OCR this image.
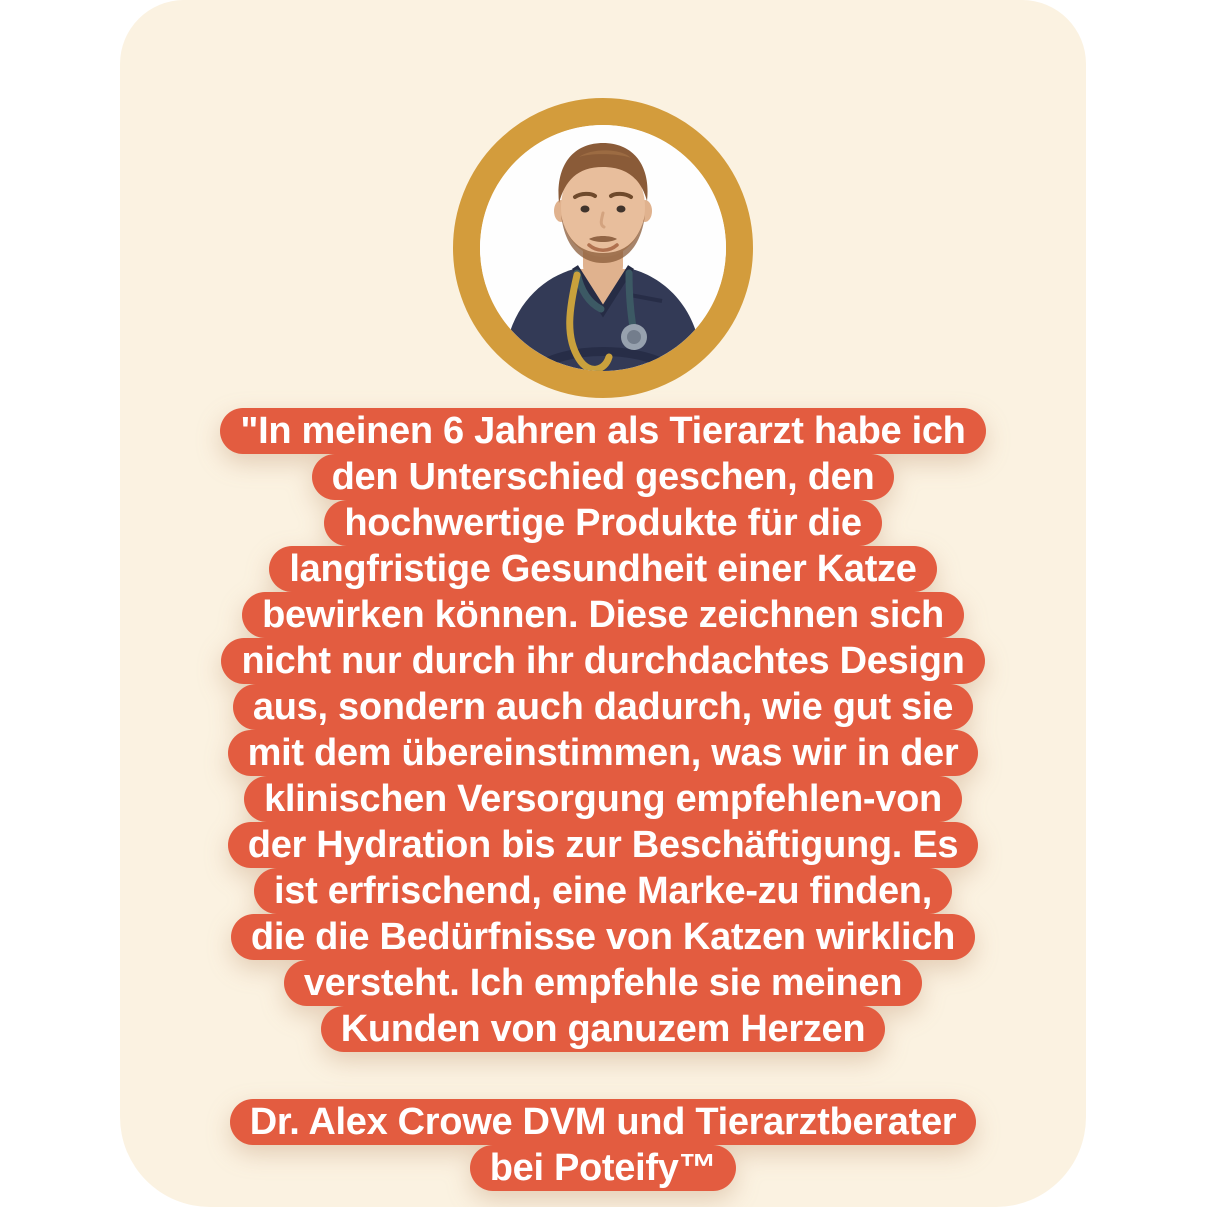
"In meinen 6 Jahren als Tierarzt habe ich
den Unterschied geschen, den
hochwertige Produkte für die
langfristige Gesundheit einer Katze
bewirken können. Diese zeichnen sich
nicht nur durch ihr durchdachtes Design
aus, sondern auch dadurch, wie gut sie
mit dem übereinstimmen, was wir in der
klinischen Versorgung empfehlen-von
der Hydration bis zur Beschäftigung. Es
ist erfrischend, eine Marke-zu finden,
die die Bedürfnisse von Katzen wirklich
versteht. Ich empfehle sie meinen
Kunden von ganuzem Herzen
Dr. Alex Crowe DVM und Tierarztberater
bei Poteify™
